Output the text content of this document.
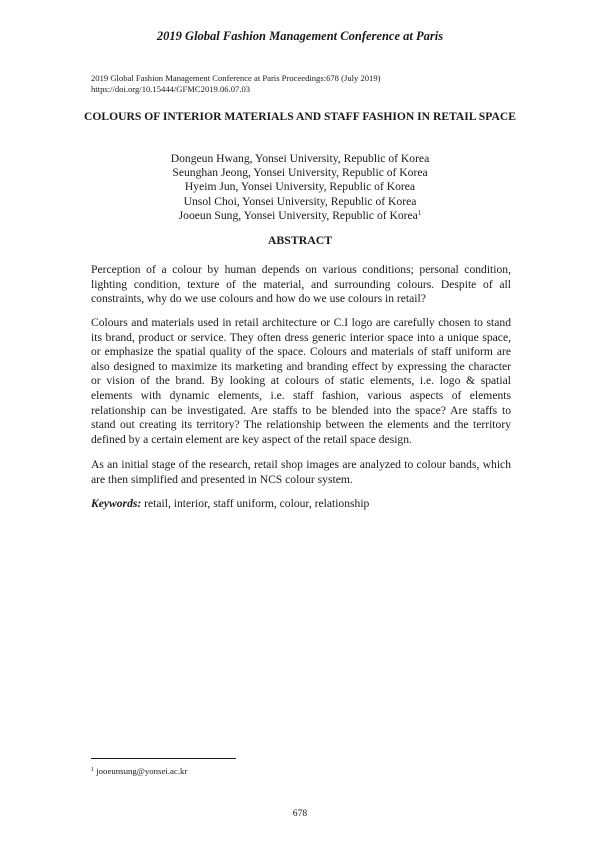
2019 Global Fashion Management Conference at Paris
2019 Global Fashion Management Conference at Paris Proceedings:678 (July 2019)
https://doi.org/10.15444/GFMC2019.06.07.03
COLOURS OF INTERIOR MATERIALS AND STAFF FASHION IN RETAIL SPACE
Dongeun Hwang, Yonsei University, Republic of Korea
Seunghan Jeong, Yonsei University, Republic of Korea
Hyeim Jun, Yonsei University, Republic of Korea
Unsol Choi, Yonsei University, Republic of Korea
Jooeun Sung, Yonsei University, Republic of Korea$^1$
ABSTRACT

Perception of a colour by human depends on various conditions; personal condition, lighting condition, texture of the material, and surrounding colours. Despite of all constraints, why do we use colours and how do we use colours in retail?

Colours and materials used in retail architecture or C.I logo are carefully chosen to stand its brand, product or service. They often dress generic interior space into a unique space, or emphasize the spatial quality of the space. Colours and materials of staff uniform are also designed to maximize its marketing and branding effect by expressing the character or vision of the brand. By looking at colours of static elements, i.e. logo & spatial elements with dynamic elements, i.e. staff fashion, various aspects of elements relationship can be investigated. Are staffs to be blended into the space? Are staffs to stand out creating its territory? The relationship between the elements and the territory defined by a certain element are key aspect of the retail space design.

As an initial stage of the research, retail shop images are analyzed to colour bands, which are then simplified and presented in NCS colour system.

Keywords: retail, interior, staff uniform, colour, relationship

$^1$ jooeunsung@yonsei.ac.kr
678
